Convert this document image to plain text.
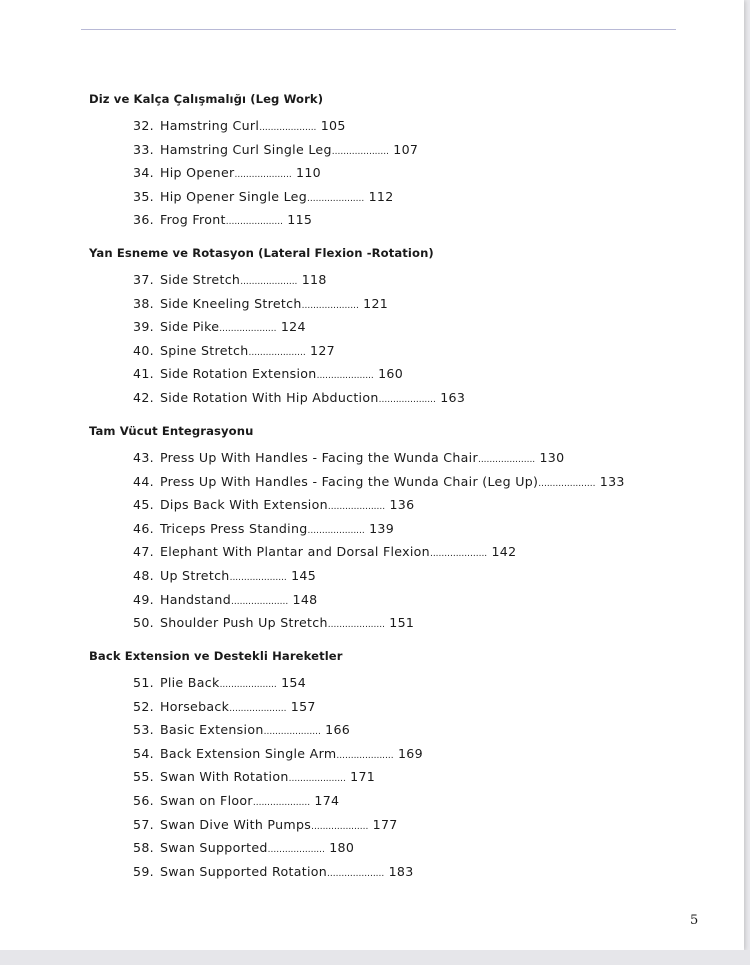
Diz ve Kalça Çalışmalığı (Leg Work)
32. Hamstring Curl.................... 105
33. Hamstring Curl Single Leg.................... 107
34. Hip Opener.................... 110
35. Hip Opener Single Leg.................... 112
36. Frog Front.................... 115
Yan Esneme ve Rotasyon (Lateral Flexion -Rotation)
37. Side Stretch.................... 118
38. Side Kneeling Stretch.................... 121
39. Side Pike.................... 124
40. Spine Stretch.................... 127
41. Side Rotation Extension.................... 160
42. Side Rotation With Hip Abduction.................... 163
Tam Vücut Entegrasyonu
43. Press Up With Handles - Facing the Wunda Chair.................... 130
44. Press Up With Handles - Facing the Wunda Chair (Leg Up).................... 133
45. Dips Back With Extension.................... 136
46. Triceps Press Standing.................... 139
47. Elephant With Plantar and Dorsal Flexion.................... 142
48. Up Stretch.................... 145
49. Handstand.................... 148
50. Shoulder Push Up Stretch.................... 151
Back Extension ve Destekli Hareketler
51. Plie Back.................... 154
52. Horseback.................... 157
53. Basic Extension.................... 166
54. Back Extension Single Arm.................... 169
55. Swan With Rotation.................... 171
56. Swan on Floor.................... 174
57. Swan Dive With Pumps.................... 177
58. Swan Supported.................... 180
59. Swan Supported Rotation.................... 183
5
